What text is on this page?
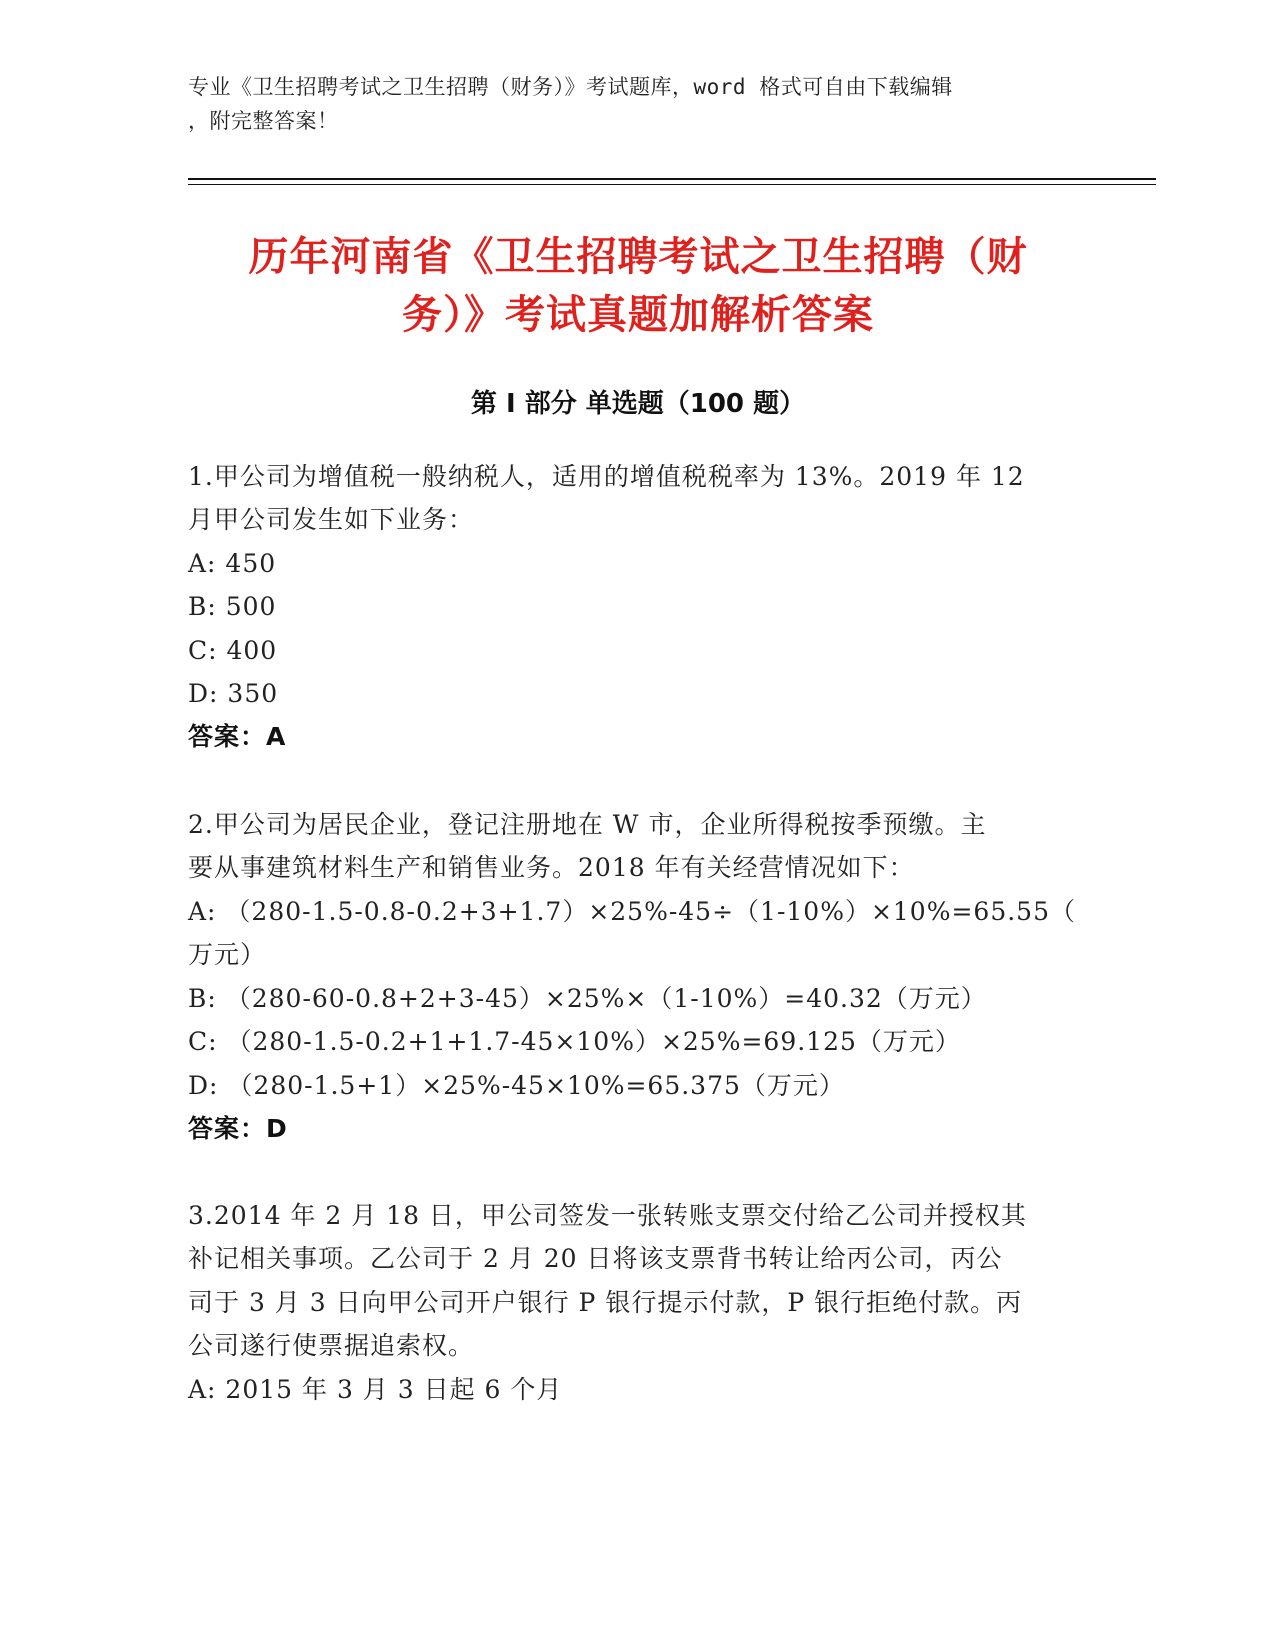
专业《卫生招聘考试之卫生招聘（财务）》考试题库，word 格式可自由下载编辑
，附完整答案！
历年河南省《卫生招聘考试之卫生招聘（财
务）》考试真题加解析答案
第 I 部分 单选题（100 题）
1.甲公司为增值税一般纳税人，适用的增值税税率为 13%。2019 年 12
月甲公司发生如下业务：
A: 450
B: 500
C: 400
D: 350
答案：A
2.甲公司为居民企业，登记注册地在 W 市，企业所得税按季预缴。主
要从事建筑材料生产和销售业务。2018 年有关经营情况如下：
A: （280-1.5-0.8-0.2+3+1.7）×25%-45÷（1-10%）×10%=65.55（
万元）
B: （280-60-0.8+2+3-45）×25%×（1-10%）=40.32（万元）
C: （280-1.5-0.2+1+1.7-45×10%）×25%=69.125（万元）
D: （280-1.5+1）×25%-45×10%=65.375（万元）
答案：D
3.2014 年 2 月 18 日，甲公司签发一张转账支票交付给乙公司并授权其
补记相关事项。乙公司于 2 月 20 日将该支票背书转让给丙公司，丙公
司于 3 月 3 日向甲公司开户银行 P 银行提示付款，P 银行拒绝付款。丙
公司遂行使票据追索权。
A: 2015 年 3 月 3 日起 6 个月
